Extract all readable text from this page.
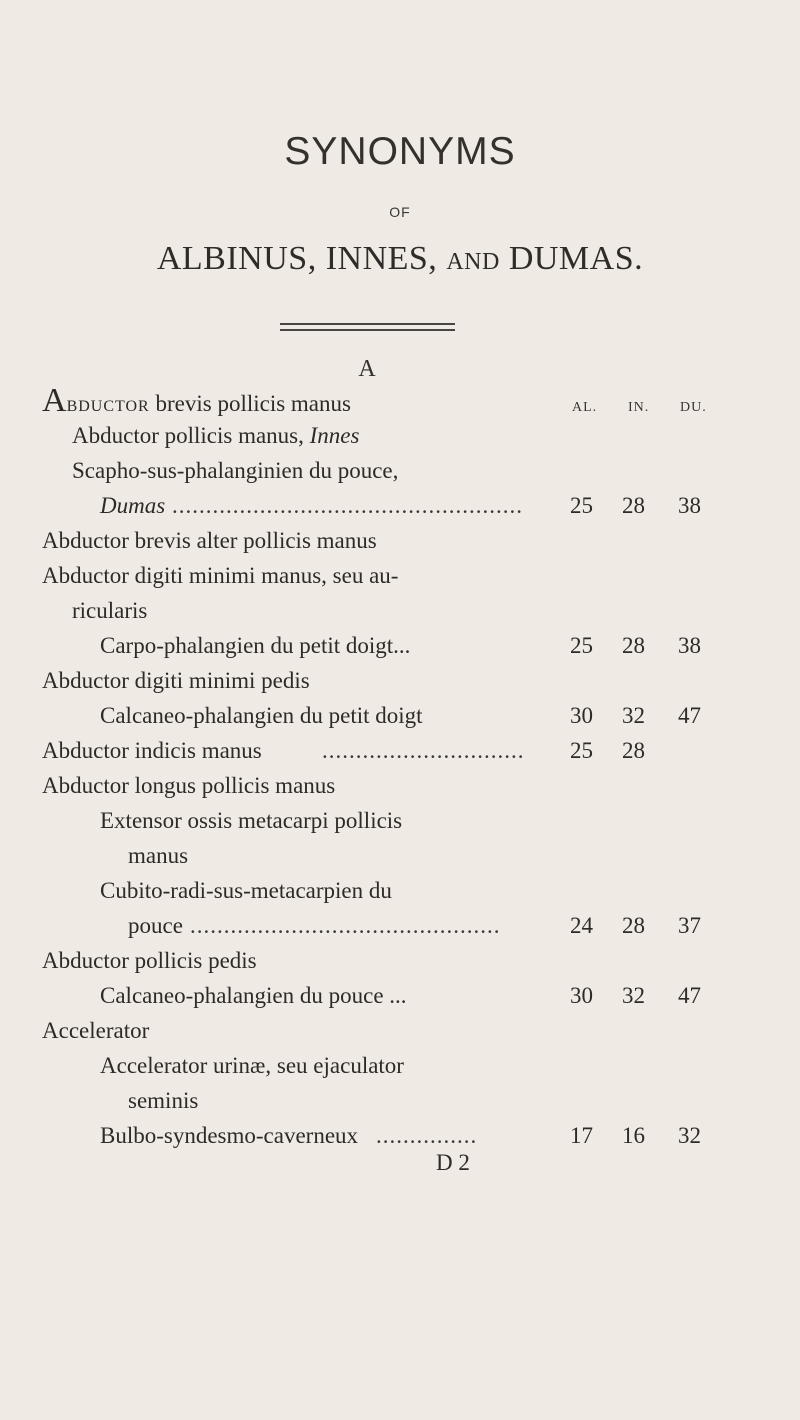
SYNONYMS
OF
ALBINUS, INNES, AND DUMAS.
A
AL. IN. DU.
ABDUCTOR brevis pollicis manus
Abductor pollicis manus, Innes
Scapho-sus-phalanginien du pouce,
Dumas ....................................................	25	28	38
Abductor brevis alter pollicis manus
Abductor digiti minimi manus, seu au-
ricularis
Carpo-phalangien du petit doigt...	25	28	38
Abductor digiti minimi pedis
Calcaneo-phalangien du petit doigt	30	32	47
Abductor indicis manus	..............................	25	28
Abductor longus pollicis manus
Extensor ossis metacarpi pollicis
manus
Cubito-radi-sus-metacarpien du
pouce ..............................................	24	28	37
Abductor pollicis pedis
Calcaneo-phalangien du pouce ...	30	32	47
Accelerator
Accelerator urinæ, seu ejaculator
seminis
Bulbo-syndesmo-caverneux ...............	17	16	32
D 2
